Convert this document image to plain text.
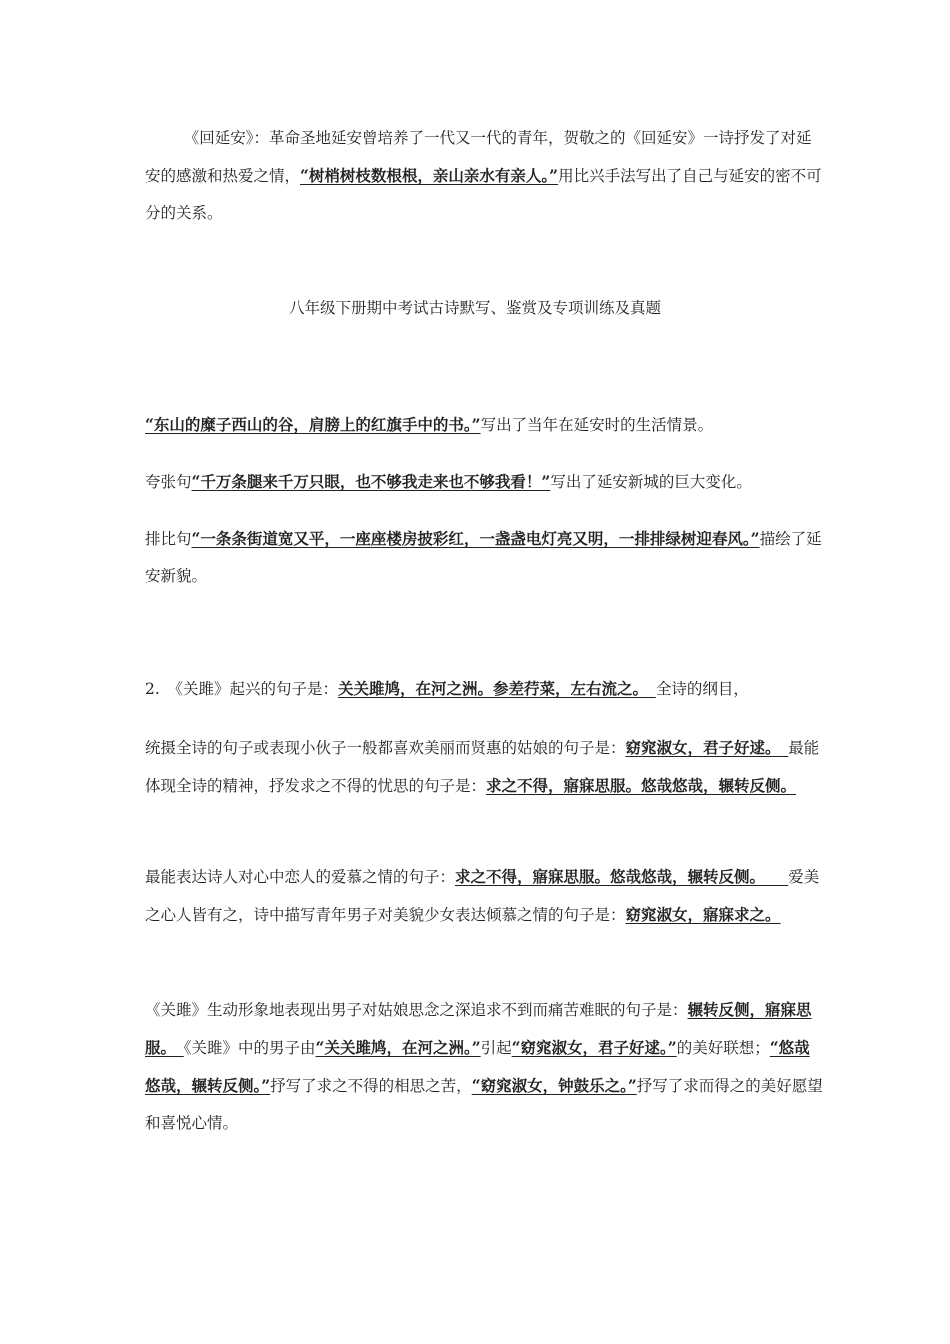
　　　《回延安》：革命圣地延安曾培养了一代又一代的青年，贺敬之的《回延安》一诗抒发了对延安的感激和热爱之情，“树梢树枝数根根，亲山亲水有亲人。”用比兴手法写出了自己与延安的密不可分的关系。

八年级下册期中考试古诗默写、鉴赏及专项训练及真题

“东山的糜子西山的谷，肩膀上的红旗手中的书。”写出了当年在延安时的生活情景。

夸张句“千万条腿来千万只眼，也不够我走来也不够我看！”写出了延安新城的巨大变化。

排比句“一条条街道宽又平，一座座楼房披彩红，一盏盏电灯亮又明，一排排绿树迎春风。”描绘了延安新貌。

2.　《关雎》起兴的句子是：关关雎鸠，在河之洲。参差荇菜，左右流之。　全诗的纲目，

统摄全诗的句子或表现小伙子一般都喜欢美丽而贤惠的姑娘的句子是：窈窕淑女，君子好逑。　最能体现全诗的精神，抒发求之不得的忧思的句子是：求之不得，寤寐思服。悠哉悠哉，辗转反侧。

最能表达诗人对心中恋人的爱慕之情的句子：求之不得，寤寐思服。悠哉悠哉，辗转反侧。　　 爱美之心人皆有之，诗中描写青年男子对美貌少女表达倾慕之情的句子是：窈窕淑女，寤寐求之。

《关雎》生动形象地表现出男子对姑娘思念之深追求不到而痛苦难眠的句子是：辗转反侧，寤寐思服。　《关雎》中的男子由“关关雎鸠，在河之洲。”引起“窈窕淑女，君子好逑。”的美好联想；“悠哉悠哉，辗转反侧。”抒写了求之不得的相思之苦，“窈窕淑女，钟鼓乐之。”抒写了求而得之的美好愿望和喜悦心情。
